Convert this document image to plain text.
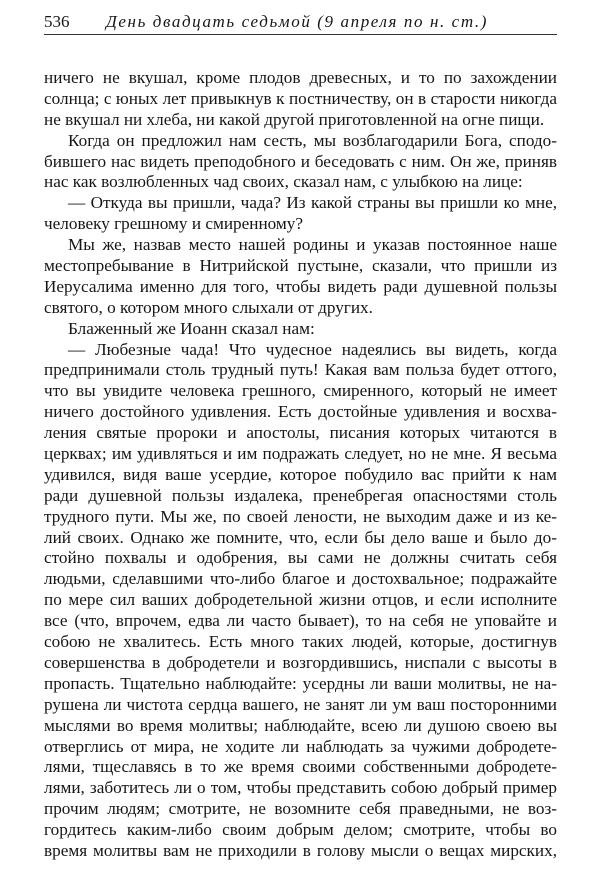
536 День двадцать седьмой (9 апреля по н. ст.)
ничего не вкушал, кроме плодов древесных, и то по захождении
солнца; с юных лет привыкнув к постничеству, он в старости никогда
не вкушал ни хлеба, ни какой другой приготовленной на огне пищи.
Когда он предложил нам сесть, мы возблагодарили Бога, сподо-
бившего нас видеть преподобного и беседовать с ним. Он же, приняв
нас как возлюбленных чад своих, сказал нам, с улыбкою на лице:
— Откуда вы пришли, чада? Из какой страны вы пришли ко мне,
человеку грешному и смиренному?
Мы же, назвав место нашей родины и указав постоянное наше
местопребывание в Нитрийской пустыне, сказали, что пришли из
Иерусалима именно для того, чтобы видеть ради душевной пользы
святого, о котором много слыхали от других.
Блаженный же Иоанн сказал нам:
— Любезные чада! Что чудесное надеялись вы видеть, когда
предпринимали столь трудный путь! Какая вам польза будет оттого,
что вы увидите человека грешного, смиренного, который не имеет
ничего достойного удивления. Есть достойные удивления и восхва-
ления святые пророки и апостолы, писания которых читаются в
церквах; им удивляться и им подражать следует, но не мне. Я весьма
удивился, видя ваше усердие, которое побудило вас прийти к нам
ради душевной пользы издалека, пренебрегая опасностями столь
трудного пути. Мы же, по своей лености, не выходим даже и из ке-
лий своих. Однако же помните, что, если бы дело ваше и было до-
стойно похвалы и одобрения, вы сами не должны считать себя
людьми, сделавшими что-либо благое и достохвальное; подражайте
по мере сил ваших добродетельной жизни отцов, и если исполните
все (что, впрочем, едва ли часто бывает), то на себя не уповайте и
собою не хвалитесь. Есть много таких людей, которые, достигнув
совершенства в добродетели и возгордившись, ниспали с высоты в
пропасть. Тщательно наблюдайте: усердны ли ваши молитвы, не на-
рушена ли чистота сердца вашего, не занят ли ум ваш посторонними
мыслями во время молитвы; наблюдайте, всею ли душою своею вы
отверглись от мира, не ходите ли наблюдать за чужими добродете-
лями, тщеславясь в то же время своими собственными добродете-
лями, заботитесь ли о том, чтобы представить собою добрый пример
прочим людям; смотрите, не возомните себя праведными, не воз-
гордитесь каким-либо своим добрым делом; смотрите, чтобы во
время молитвы вам не приходили в голову мысли о вещах мирских,
